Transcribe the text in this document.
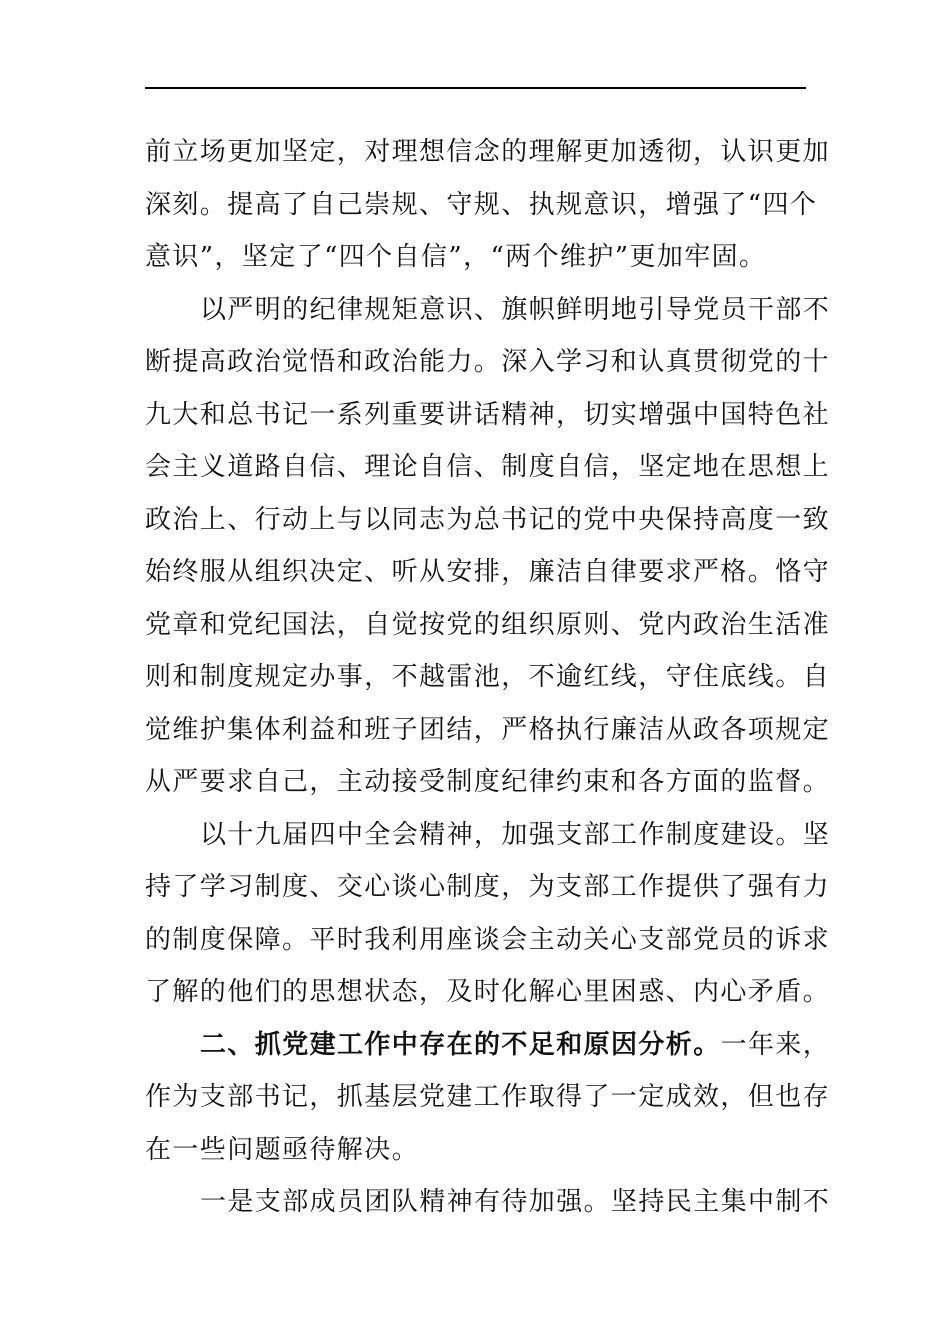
前立场更加坚定，对理想信念的理解更加透彻，认识更加
深刻。提高了自己崇规、守规、执规意识，增强了“四个
意识”，坚定了“四个自信”，“两个维护”更加牢固。
以严明的纪律规矩意识、旗帜鲜明地引导党员干部不
断提高政治觉悟和政治能力。深入学习和认真贯彻党的十
九大和总书记一系列重要讲话精神，切实增强中国特色社
会主义道路自信、理论自信、制度自信，坚定地在思想上
政治上、行动上与以同志为总书记的党中央保持高度一致
始终服从组织决定、听从安排，廉洁自律要求严格。恪守
党章和党纪国法，自觉按党的组织原则、党内政治生活准
则和制度规定办事，不越雷池，不逾红线，守住底线。自
觉维护集体利益和班子团结，严格执行廉洁从政各项规定
从严要求自己，主动接受制度纪律约束和各方面的监督。
以十九届四中全会精神，加强支部工作制度建设。坚
持了学习制度、交心谈心制度，为支部工作提供了强有力
的制度保障。平时我利用座谈会主动关心支部党员的诉求
了解的他们的思想状态，及时化解心里困惑、内心矛盾。
二、抓党建工作中存在的不足和原因分析。一年来，
作为支部书记，抓基层党建工作取得了一定成效，但也存
在一些问题亟待解决。
一是支部成员团队精神有待加强。坚持民主集中制不
